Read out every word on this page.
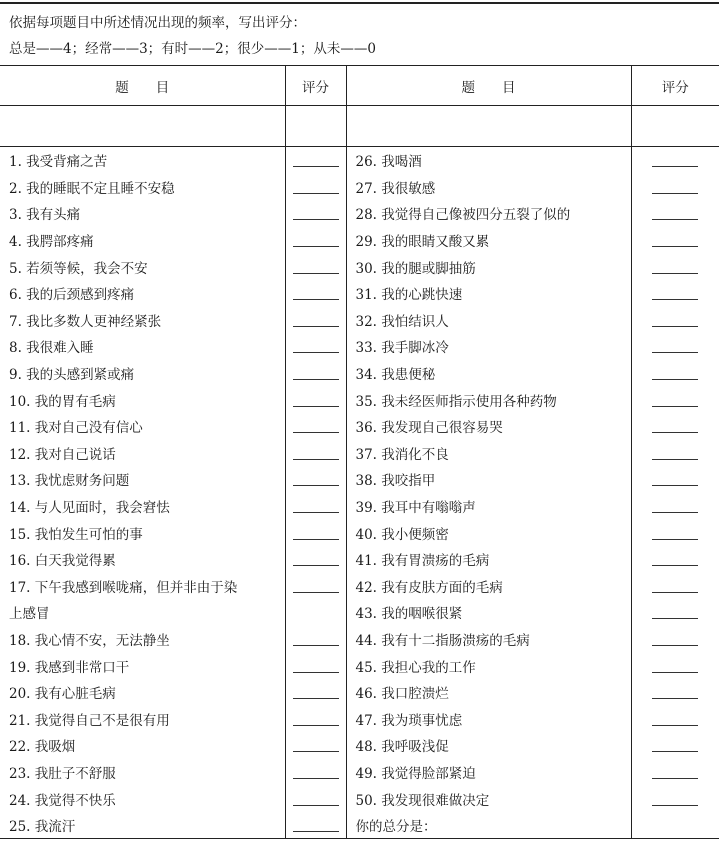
依据每项题目中所述情况出现的频率，写出评分：
总是——4；经常——3；有时——2；很少——1；从未——0
题　　目	评分	题　　目	评分

1. 我受背痛之苦		26. 我喝酒	

2. 我的睡眠不定且睡不安稳		27. 我很敏感	

3. 我有头痛		28. 我觉得自己像被四分五裂了似的	

4. 我腭部疼痛		29. 我的眼睛又酸又累	

5. 若须等候，我会不安		30. 我的腿或脚抽筋	

6. 我的后颈感到疼痛		31. 我的心跳快速	

7. 我比多数人更神经紧张		32. 我怕结识人	

8. 我很难入睡		33. 我手脚冰冷	

9. 我的头感到紧或痛		34. 我患便秘	

10. 我的胃有毛病		35. 我未经医师指示使用各种药物	

11. 我对自己没有信心		36. 我发现自己很容易哭	

12. 我对自己说话		37. 我消化不良	

13. 我忧虑财务问题		38. 我咬指甲	

14. 与人见面时，我会窘怯		39. 我耳中有嗡嗡声	

15. 我怕发生可怕的事		40. 我小便频密	

16. 白天我觉得累		41. 我有胃溃疡的毛病	

17. 下午我感到喉咙痛，但并非由于染		42. 我有皮肤方面的毛病	

上感冒		43. 我的咽喉很紧	

18. 我心情不安，无法静坐		44. 我有十二指肠溃疡的毛病	

19. 我感到非常口干		45. 我担心我的工作	

20. 我有心脏毛病		46. 我口腔溃烂	

21. 我觉得自己不是很有用		47. 我为琐事忧虑	

22. 我吸烟		48. 我呼吸浅促	

23. 我肚子不舒服		49. 我觉得脸部紧迫	

24. 我觉得不快乐		50. 我发现很难做决定	

25. 我流汗		你的总分是：	
